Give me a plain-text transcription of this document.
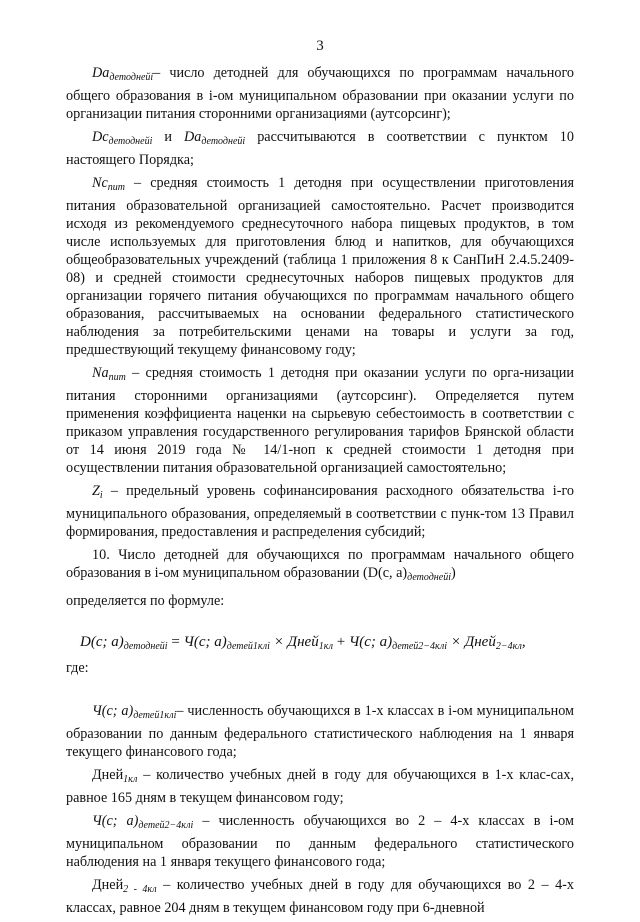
3

$Da_{детоднейi}-$ число детодней для обучающихся по программам начального общего образования в i-ом муниципальном образовании при оказании услуги по организации питания сторонними организациями (аутсорсинг);

$Dc_{детоднейi}$ и $Da_{детоднейi}$ рассчитываются в соответствии с пунктом 10 настоящего Порядка;

$Nc_{пит}$ – средняя стоимость 1 детодня при осуществлении приготовления питания образовательной организацией самостоятельно. Расчет производится исходя из рекомендуемого среднесуточного набора пищевых продуктов, в том числе используемых для приготовления блюд и напитков, для обучающихся общеобразовательных учреждений (таблица 1 приложения 8 к СанПиН 2.4.5.2409-08) и средней стоимости среднесуточных наборов пищевых продуктов для организации горячего питания обучающихся по программам начального общего образования, рассчитываемых на основании федерального статистического наблюдения за потребительскими ценами на товары и услуги за год, предшествующий текущему финансовому году;

$Na_{пит}$ – средняя стоимость 1 детодня при оказании услуги по орга-низации питания сторонними организациями (аутсорсинг). Определяется путем применения коэффициента наценки на сырьевую себестоимость в соответствии с приказом управления государственного регулирования тарифов Брянской области от 14 июня 2019 года № 14/1-ноп к средней стоимости 1 детодня при осуществлении питания образовательной организацией самостоятельно;

$Z_i$ – предельный уровень софинансирования расходного обязательства i-го муниципального образования, определяемый в соответствии с пунк-том 13 Правил формирования, предоставления и распределения субсидий;

10. Число детодней для обучающихся по программам начального общего образования в i-ом муниципальном образовании (D(c, $a)_{детоднейi}$)

определяется по формуле:

D(c; $a)_{детоднейi} = Ч(c$; $a)_{детей1клi}$ × Дней$_{1кл}$ + Ч(c; $a)_{детей2-4клi}$ × Дней$_{2-4кл}$,

где:

Ч(c; $a)_{детей1клi}-$ численность обучающихся в 1-х классах в i-ом муниципальном образовании по данным федерального статистического наблюдения на 1 января текущего финансового года;

Дней$_{1кл}$ – количество учебных дней в году для обучающихся в 1-х клас-сах, равное 165 дням в текущем финансовом году;

Ч(c; $a)_{детей2-4клi}$ – численность обучающихся во 2 – 4-х классах в i-ом муниципальном образовании по данным федерального статистического наблюдения на 1 января текущего финансового года;

Дней$_{2 - 4кл}$ – количество учебных дней в году для обучающихся во 2 – 4-х классах, равное 204 дням в текущем финансовом году при 6-дневной
